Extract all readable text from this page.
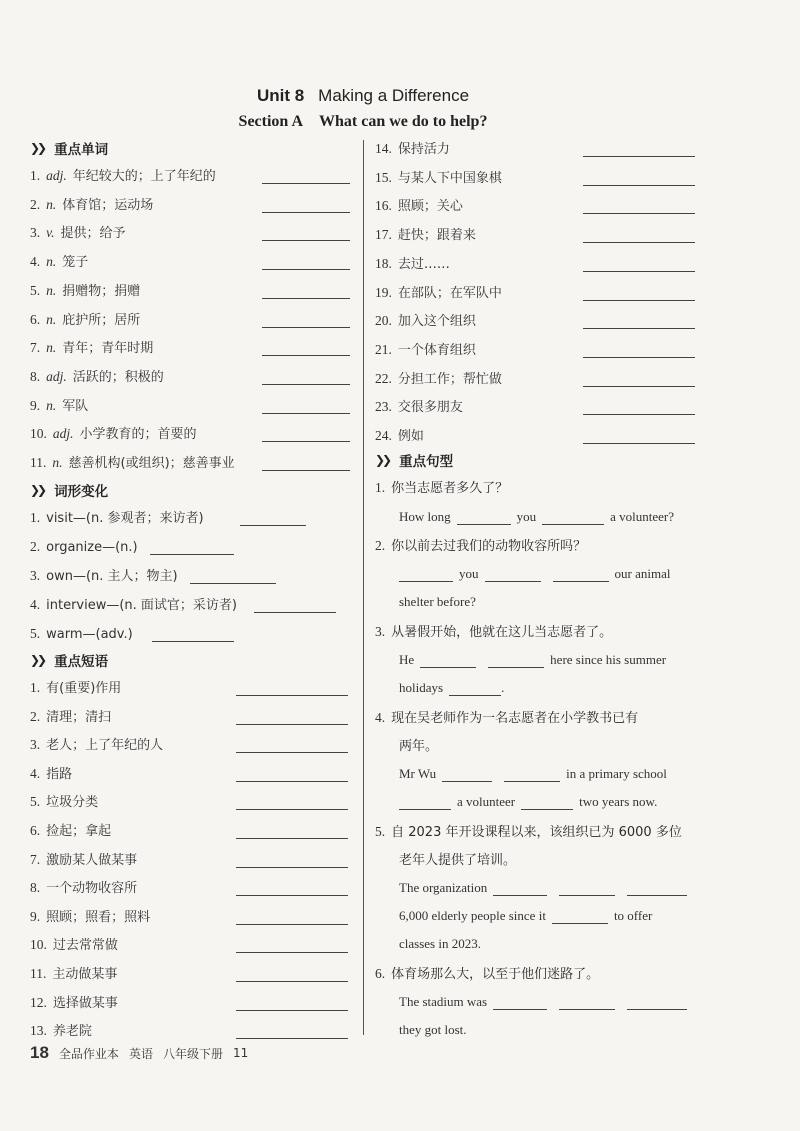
Unit 8 Making a Difference
Section A What can we do to help?
❯❯ 重点单词
1. adj. 年纪较大的；上了年纪的
2. n. 体育馆；运动场
3. v. 提供；给予
4. n. 笼子
5. n. 捐赠物；捐赠
6. n. 庇护所；居所
7. n. 青年；青年时期
8. adj. 活跃的；积极的
9. n. 军队
10. adj. 小学教育的；首要的
11. n. 慈善机构(或组织)；慈善事业
❯❯ 词形变化
1. visit—(n. 参观者；来访者)
2. organize—(n.)
3. own—(n. 主人；物主)
4. interview—(n. 面试官；采访者)
5. warm—(adv.)
❯❯ 重点短语
1. 有(重要)作用
2. 清理；清扫
3. 老人；上了年纪的人
4. 指路
5. 垃圾分类
6. 捡起；拿起
7. 激励某人做某事
8. 一个动物收容所
9. 照顾；照看；照料
10. 过去常常做
11. 主动做某事
12. 选择做某事
13. 养老院
14. 保持活力
15. 与某人下中国象棋
16. 照顾；关心
17. 赶快；跟着来
18. 去过……
19. 在部队；在军队中
20. 加入这个组织
21. 一个体育组织
22. 分担工作；帮忙做
23. 交很多朋友
24. 例如
❯❯ 重点句型
1. 你当志愿者多久了？
How long	you	a volunteer?
2. 你以前去过我们的动物收容所吗？
you	our animal
shelter before?
3. 从暑假开始，他就在这儿当志愿者了。
He	here since his summer
holidays	.
4. 现在吴老师作为一名志愿者在小学教书已有
两年。
Mr Wu	in a primary school
a volunteer	two years now.
5. 自 2023 年开设课程以来，该组织已为 6000 多位
老年人提供了培训。
The organization
6,000 elderly people since it	to offer
classes in 2023.
6. 体育场那么大，以至于他们迷路了。
The stadium was
they got lost.
18 全品作业本 英语 八年级下册 11
